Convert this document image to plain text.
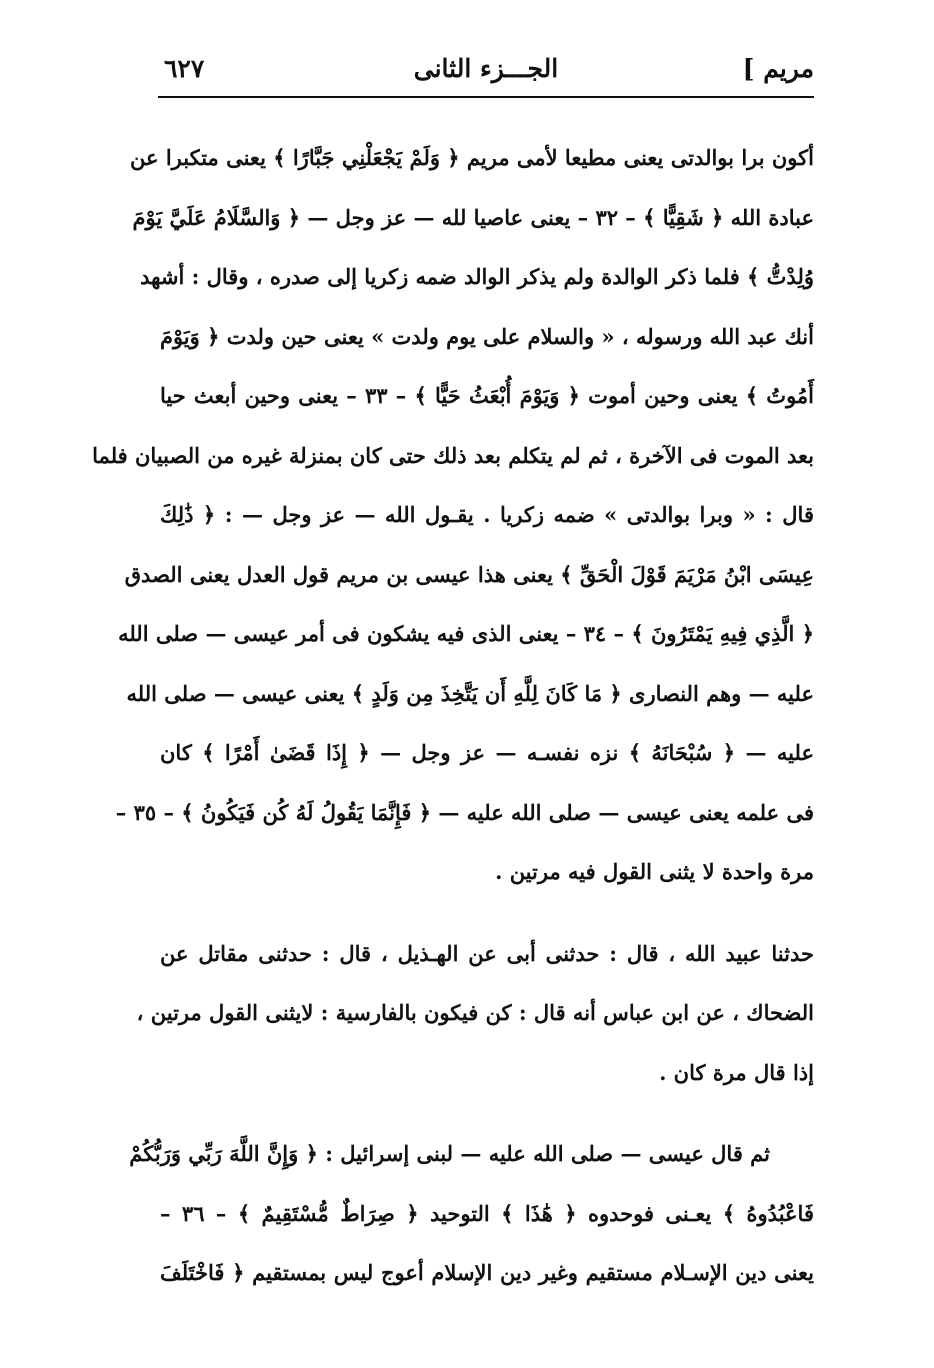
مريم ]
الجـــزء الثانى
٦٢٧
أكون برا بوالدتى يعنى مطيعا لأمى مريم ﴿ وَلَمْ يَجْعَلْنِي جَبَّارًا ﴾ يعنى متكبرا عن
عبادة الله ﴿ شَقِيًّا ﴾ – ٣٢ – يعنى عاصيا لله — عز وجل — ﴿ وَالسَّلَامُ عَلَيَّ يَوْمَ
وُلِدْتُّ ﴾ فلما ذكر الوالدة ولم يذكر الوالد ضمه زكريا إلى صدره ، وقال : أشهد
أنك عبد الله ورسوله ، « والسلام على يوم ولدت » يعنى حين ولدت ﴿ وَيَوْمَ
أَمُوتُ ﴾ يعنى وحين أموت ﴿ وَيَوْمَ أُبْعَثُ حَيًّا ﴾ – ٣٣ – يعنى وحين أبعث حيا
بعد الموت فى الآخرة ، ثم لم يتكلم بعد ذلك حتى كان بمنزلة غيره من الصبيان فلما
قال : « وبرا بوالدتى » ضمه زكريا . يقـول الله — عز وجل — : ﴿ ذَٰلِكَ
عِيسَى ابْنُ مَرْيَمَ قَوْلَ الْحَقِّ ﴾ يعنى هذا عيسى بن مريم قول العدل يعنى الصدق
﴿ الَّذِي فِيهِ يَمْتَرُونَ ﴾ – ٣٤ – يعنى الذى فيه يشكون فى أمر عيسى — صلى الله
عليه — وهم النصارى ﴿ مَا كَانَ لِلَّهِ أَن يَتَّخِذَ مِن وَلَدٍ ﴾ يعنى عيسى — صلى الله
عليه — ﴿ سُبْحَانَهُ ﴾ نزه نفسـه — عز وجل — ﴿ إِذَا قَضَىٰ أَمْرًا ﴾ كان
فى علمه يعنى عيسى — صلى الله عليه — ﴿ فَإِنَّمَا يَقُولُ لَهُ كُن فَيَكُونُ ﴾ – ٣٥ –
مرة واحدة لا يثنى القول فيه مرتين .
حدثنا عبيد الله ، قال : حدثنى أبى عن الهـذيل ، قال : حدثنى مقاتل عن
الضحاك ، عن ابن عباس أنه قال : كن فيكون بالفارسية : لايثنى القول مرتين ،
إذا قال مرة كان .
ثم قال عيسى — صلى الله عليه — لبنى إسرائيل : ﴿ وَإِنَّ اللَّهَ رَبِّي وَرَبُّكُمْ
فَاعْبُدُوهُ ﴾ يعـنى فوحدوه ﴿ هَٰذَا ﴾ التوحيد ﴿ صِرَاطٌ مُّسْتَقِيمٌ ﴾ – ٣٦ –
يعنى دين الإسـلام مستقيم وغير دين الإسلام أعوج ليس بمستقيم ﴿ فَاخْتَلَفَ
